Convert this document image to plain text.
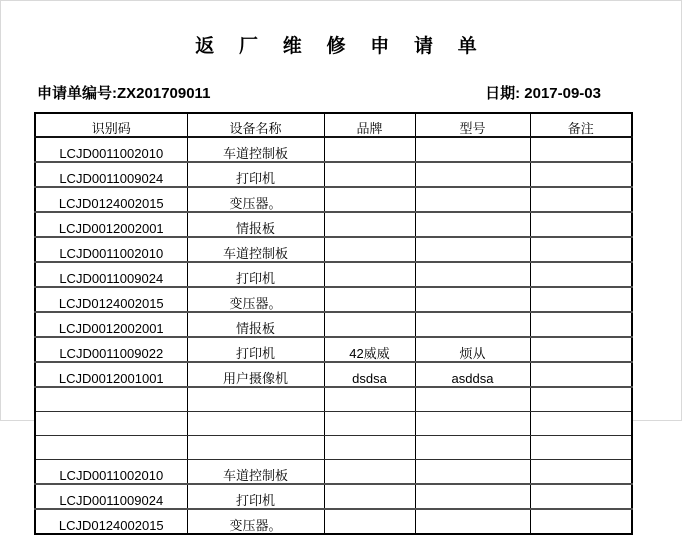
返 厂 维 修 申 请 单
申请单编号:ZX201709011	日期: 2017-09-03
识别码	设备名称	品牌	型号	备注

LCJD0011002010	车道控制板			

LCJD0011009024	打印机			

LCJD0124002015	变压器。			

LCJD0012002001	情报板			

LCJD0011002010	车道控制板			

LCJD0011009024	打印机			

LCJD0124002015	变压器。			

LCJD0012002001	情报板			

LCJD0011009022	打印机	42威威	烦从	

LCJD0012001001	用户摄像机	dsdsa	asddsa	

LCJD0011002010	车道控制板			

LCJD0011009024	打印机			

LCJD0124002015	变压器。			
